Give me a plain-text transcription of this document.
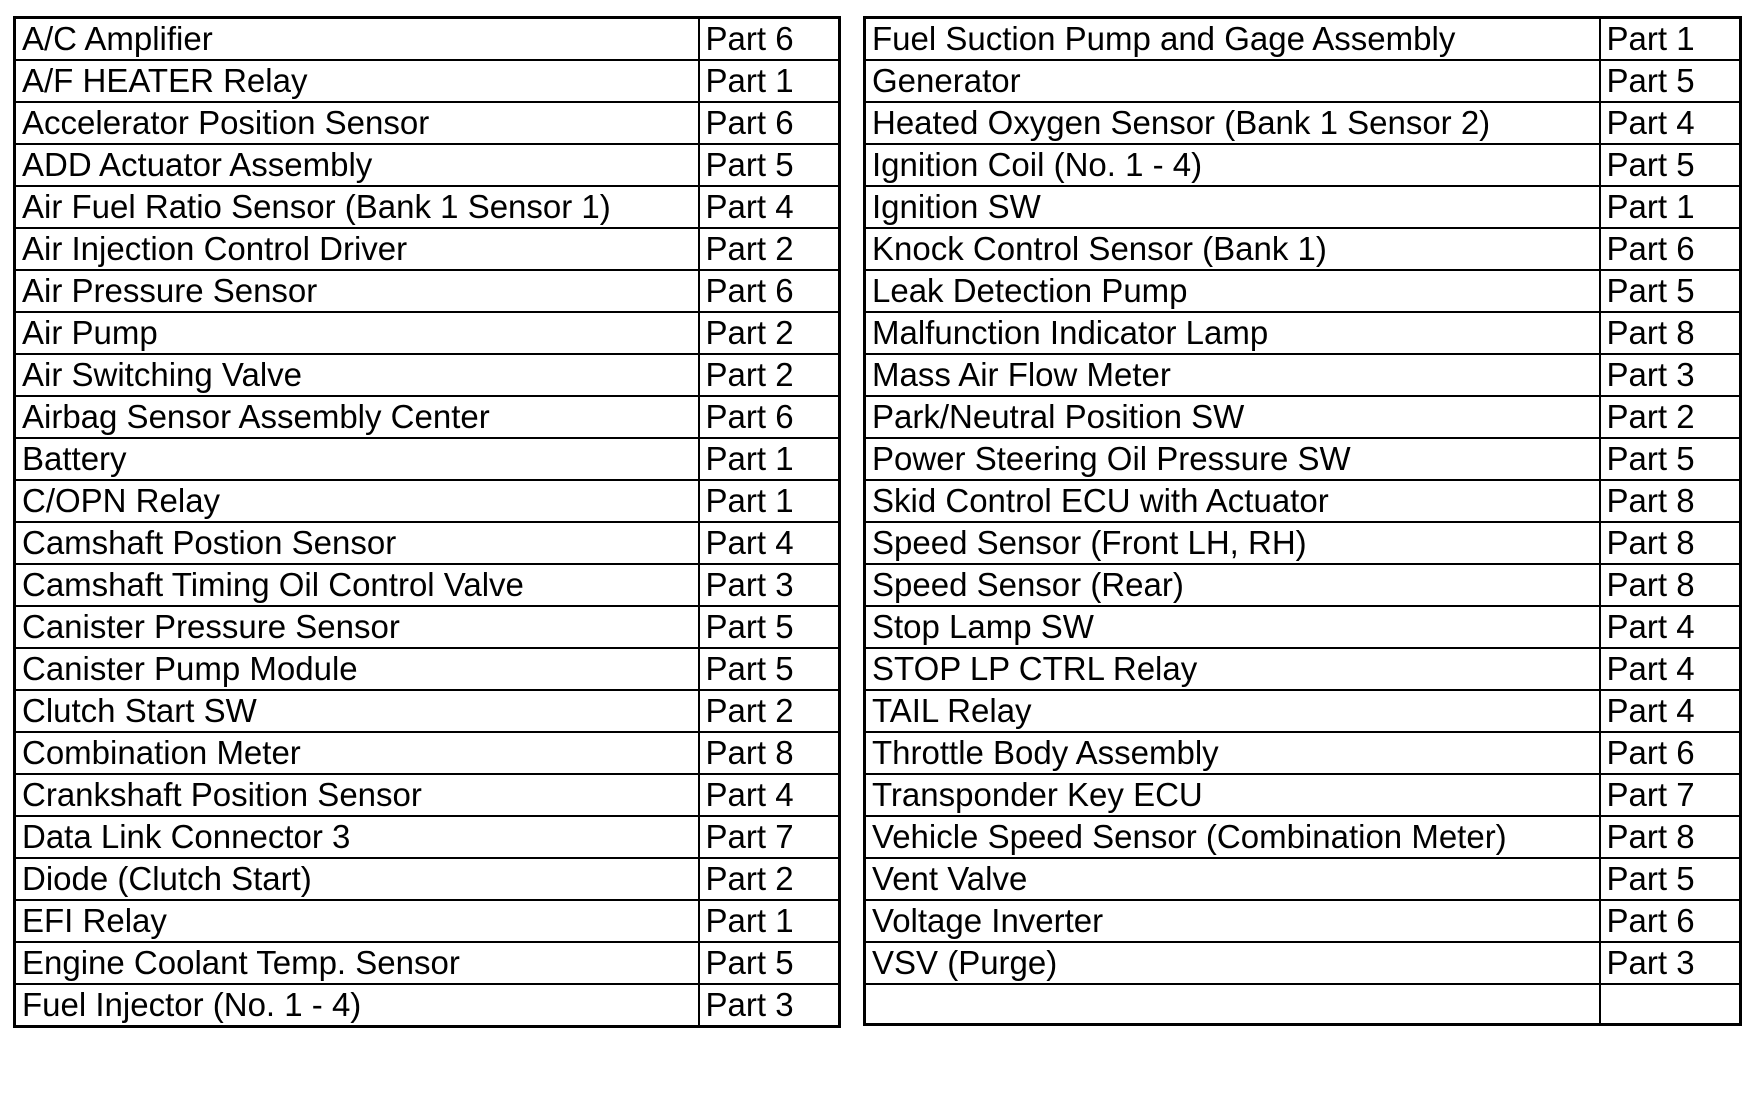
A/C Amplifier	Part 6
A/F HEATER Relay	Part 1
Accelerator Position Sensor	Part 6
ADD Actuator Assembly	Part 5
Air Fuel Ratio Sensor (Bank 1 Sensor 1)	Part 4
Air Injection Control Driver	Part 2
Air Pressure Sensor	Part 6
Air Pump	Part 2
Air Switching Valve	Part 2
Airbag Sensor Assembly Center	Part 6
Battery	Part 1
C/OPN Relay	Part 1
Camshaft Postion Sensor	Part 4
Camshaft Timing Oil Control Valve	Part 3
Canister Pressure Sensor	Part 5
Canister Pump Module	Part 5
Clutch Start SW	Part 2
Combination Meter	Part 8
Crankshaft Position Sensor	Part 4
Data Link Connector 3	Part 7
Diode (Clutch Start)	Part 2
EFI Relay	Part 1
Engine Coolant Temp. Sensor	Part 5
Fuel Injector (No. 1 - 4)	Part 3
Fuel Suction Pump and Gage Assembly	Part 1
Generator	Part 5
Heated Oxygen Sensor (Bank 1 Sensor 2)	Part 4
Ignition Coil (No. 1 - 4)	Part 5
Ignition SW	Part 1
Knock Control Sensor (Bank 1)	Part 6
Leak Detection Pump	Part 5
Malfunction Indicator Lamp	Part 8
Mass Air Flow Meter	Part 3
Park/Neutral Position SW	Part 2
Power Steering Oil Pressure SW	Part 5
Skid Control ECU with Actuator	Part 8
Speed Sensor (Front LH, RH)	Part 8
Speed Sensor (Rear)	Part 8
Stop Lamp SW	Part 4
STOP LP CTRL Relay	Part 4
TAIL Relay	Part 4
Throttle Body Assembly	Part 6
Transponder Key ECU	Part 7
Vehicle Speed Sensor (Combination Meter)	Part 8
Vent Valve	Part 5
Voltage Inverter	Part 6
VSV (Purge)	Part 3
